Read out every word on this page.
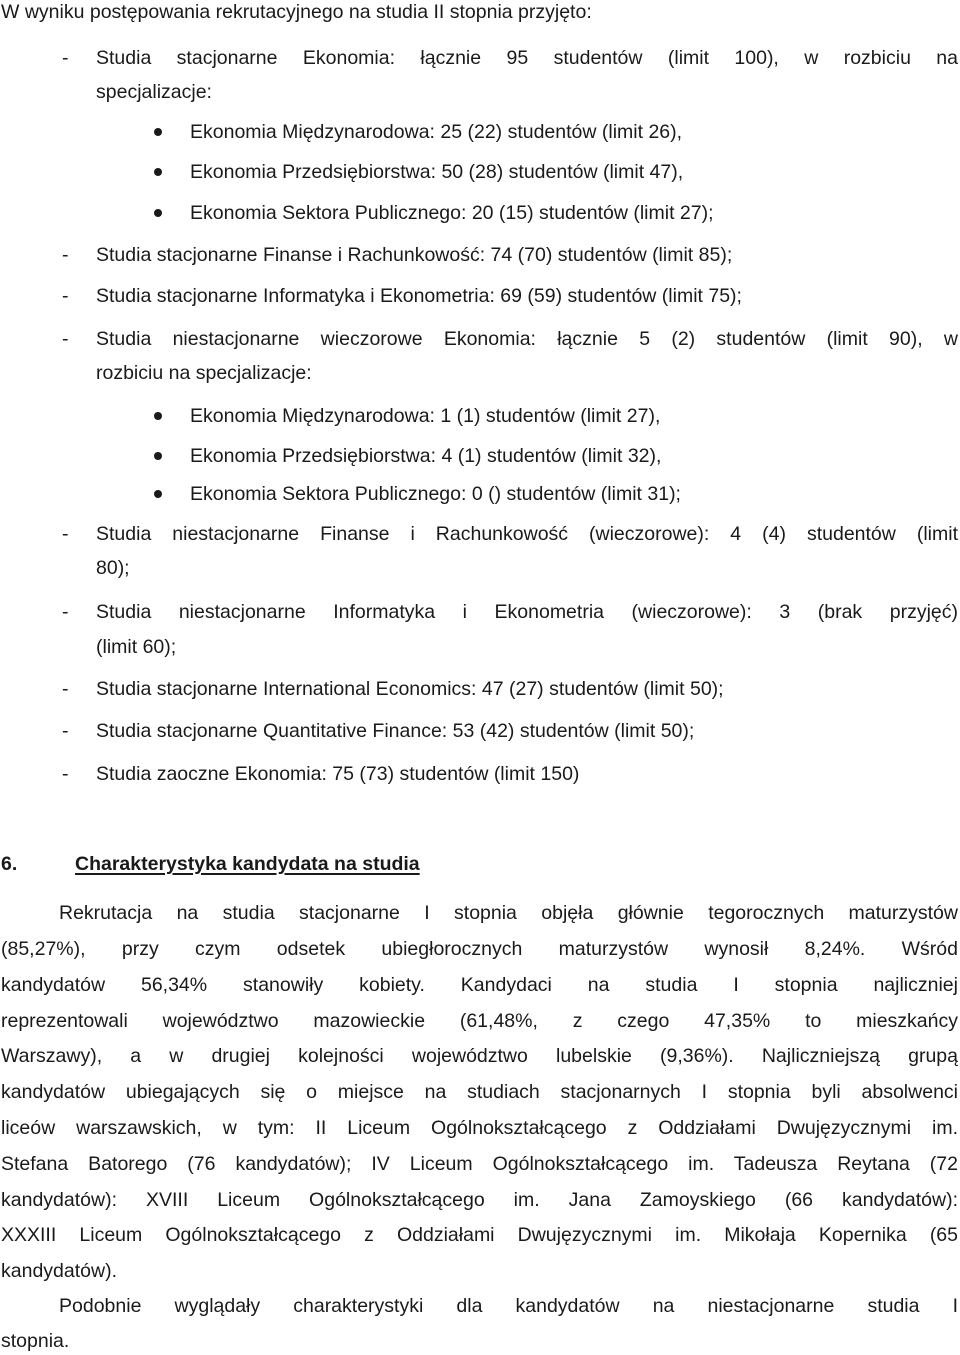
W wyniku postępowania rekrutacyjnego na studia II stopnia przyjęto:
- Studia stacjonarne Ekonomia: łącznie 95 studentów (limit 100), w rozbiciu na
specjalizacje:
Ekonomia Międzynarodowa: 25 (22) studentów (limit 26),
Ekonomia Przedsiębiorstwa: 50 (28) studentów (limit 47),
Ekonomia Sektora Publicznego: 20 (15) studentów (limit 27);
- Studia stacjonarne Finanse i Rachunkowość: 74 (70) studentów (limit 85);
- Studia stacjonarne Informatyka i Ekonometria: 69 (59) studentów (limit 75);
- Studia niestacjonarne wieczorowe Ekonomia: łącznie 5 (2) studentów (limit 90), w
rozbiciu na specjalizacje:
Ekonomia Międzynarodowa: 1 (1) studentów (limit 27),
Ekonomia Przedsiębiorstwa: 4 (1) studentów (limit 32),
Ekonomia Sektora Publicznego: 0 () studentów (limit 31);
- Studia niestacjonarne Finanse i Rachunkowość (wieczorowe): 4 (4) studentów (limit
80);
- Studia niestacjonarne Informatyka i Ekonometria (wieczorowe): 3 (brak przyjęć)
(limit 60);
- Studia stacjonarne International Economics: 47 (27) studentów (limit 50);
- Studia stacjonarne Quantitative Finance: 53 (42) studentów (limit 50);
- Studia zaoczne Ekonomia: 75 (73) studentów (limit 150)
6.	Charakterystyka kandydata na studia
Rekrutacja na studia stacjonarne I stopnia objęła głównie tegorocznych maturzystów
(85,27%), przy czym odsetek ubiegłorocznych maturzystów wynosił 8,24%. Wśród
kandydatów 56,34% stanowiły kobiety. Kandydaci na studia I stopnia najliczniej
reprezentowali województwo mazowieckie (61,48%, z czego 47,35% to mieszkańcy
Warszawy), a w drugiej kolejności województwo lubelskie (9,36%). Najliczniejszą grupą
kandydatów ubiegających się o miejsce na studiach stacjonarnych I stopnia byli absolwenci
liceów warszawskich, w tym: II Liceum Ogólnokształcącego z Oddziałami Dwujęzycznymi im.
Stefana Batorego (76 kandydatów); IV Liceum Ogólnokształcącego im. Tadeusza Reytana (72
kandydatów): XVIII Liceum Ogólnokształcącego im. Jana Zamoyskiego (66 kandydatów):
XXXIII Liceum Ogólnokształcącego z Oddziałami Dwujęzycznymi im. Mikołaja Kopernika (65
kandydatów).
Podobnie wyglądały charakterystyki dla kandydatów na niestacjonarne studia I
stopnia.
